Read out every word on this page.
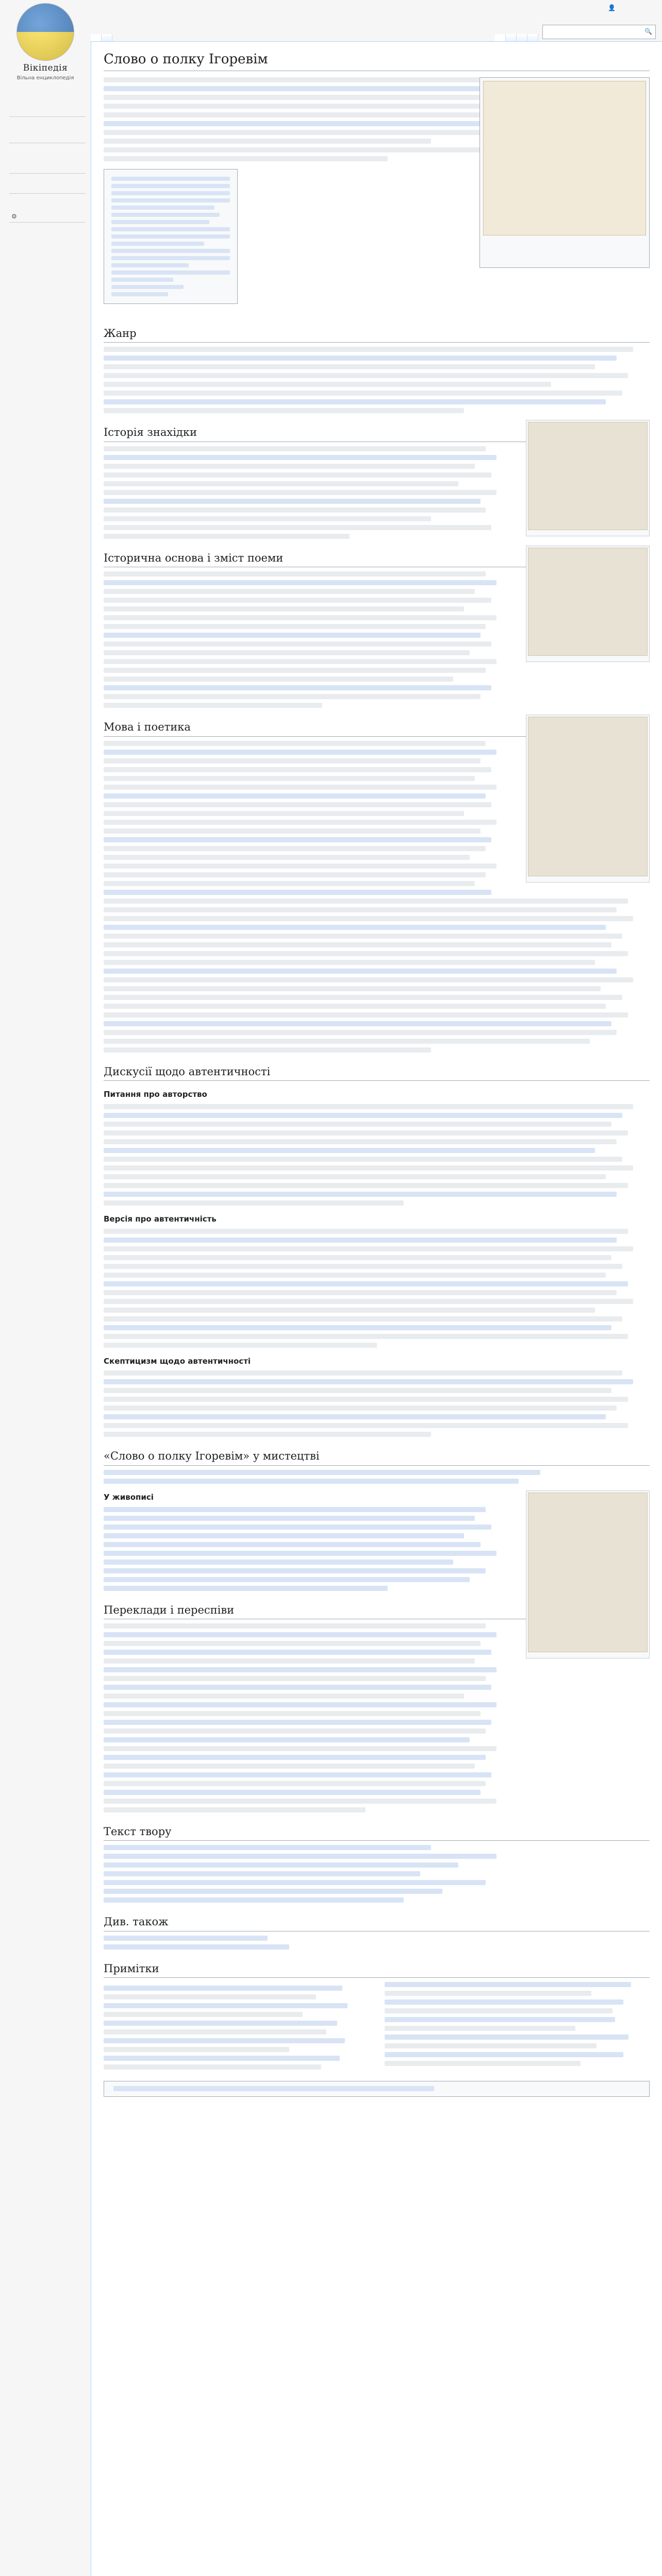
Вікіпедія
Вільна енциклопедія
⚙
👤
🔍
Слово о полку Ігоревім

Жанр
Історія знахідки
Історична основа і зміст поеми
Мова і поетика
Дискусії щодо автентичності
Питання про авторство
Версія про автентичність
Скептицизм щодо автентичності
«Слово о полку Ігоревім» у мистецтві
У живописі
Переклади і переспіви
Текст твору
Див. також
Примітки
